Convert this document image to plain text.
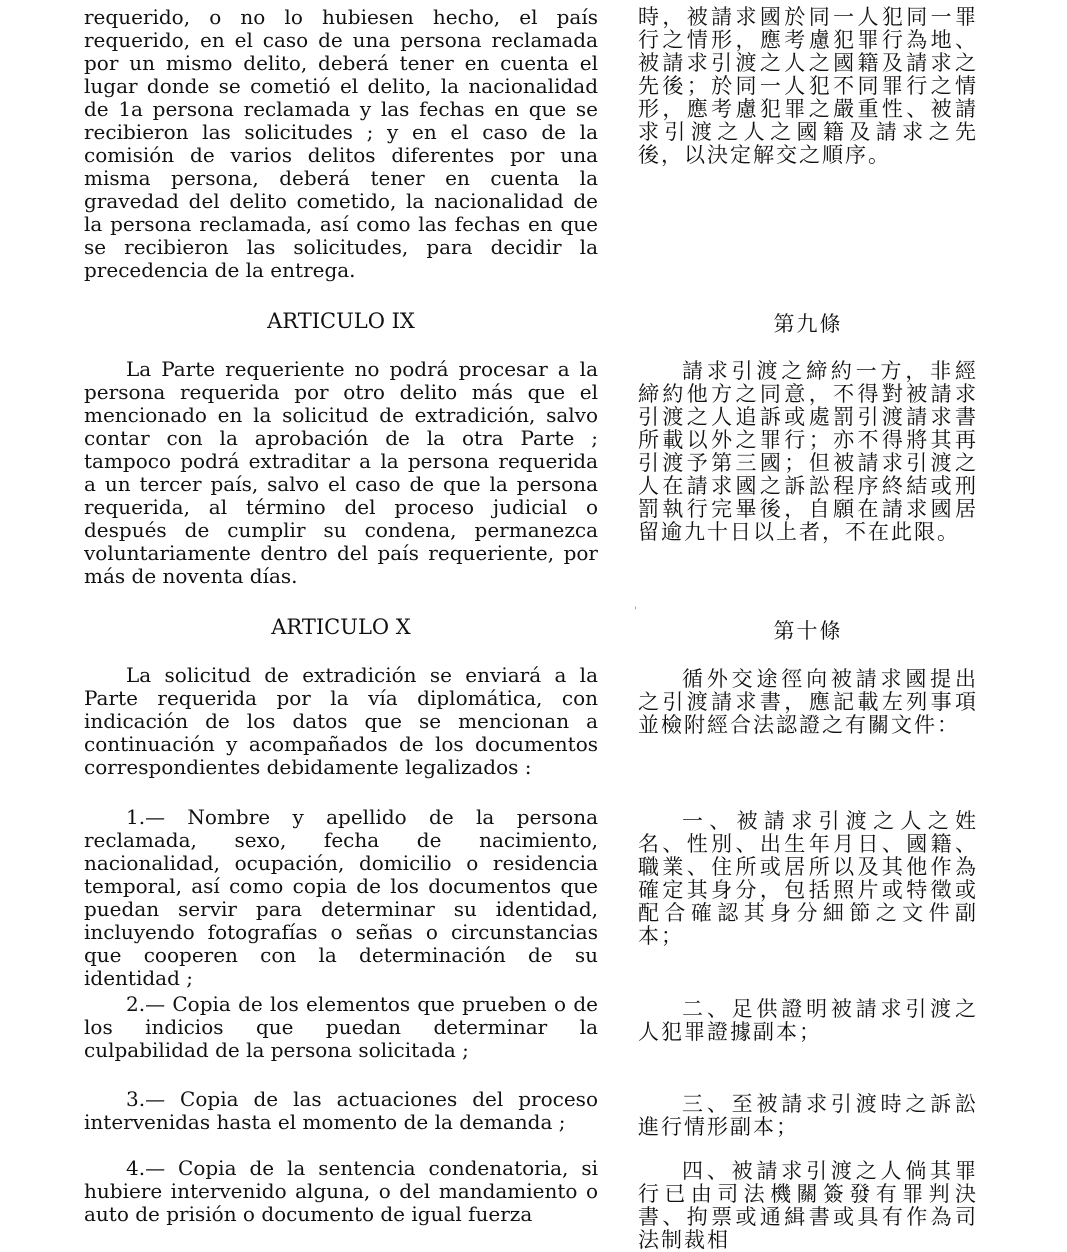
requerido, o no lo hubiesen hecho, el país requerido, en el caso de una persona reclamada por un mismo delito, deberá tener en cuenta el lugar donde se cometió el delito, la nacionalidad de 1a persona reclamada y las fechas en que se recibieron las solicitudes ; y en el caso de la comisión de varios delitos diferentes por una misma persona, deberá tener en cuenta la gravedad del delito cometido, la nacionalidad de la persona reclamada, así como las fechas en que se recibieron las solicitudes, para decidir la precedencia de la entrega.
ARTICULO IX
La Parte requeriente no podrá procesar a la persona requerida por otro delito más que el mencionado en la solicitud de extradición, salvo contar con la aprobación de la otra Parte ; tampoco podrá extraditar a la persona requerida a un tercer país, salvo el caso de que la persona requerida, al término del proceso judicial o después de cumplir su condena, permanezca voluntariamente dentro del país requeriente, por más de noventa días.
ARTICULO X
La solicitud de extradición se enviará a la Parte requerida por la vía diplomática, con indicación de los datos que se mencionan a continuación y acompañados de los documentos correspondientes debidamente legalizados :
1.— Nombre y apellido de la persona reclamada, sexo, fecha de nacimiento, nacionalidad, ocupación, domicilio o residencia temporal, así como copia de los documentos que puedan servir para determinar su identidad, incluyendo fotografías o señas o circunstancias que cooperen con la determinación de su identidad ;
2.— Copia de los elementos que prueben o de los indicios que puedan determinar la culpabilidad de la persona solicitada ;
3.— Copia de las actuaciones del proceso intervenidas hasta el momento de la demanda ;
4.— Copia de la sentencia condenatoria, si hubiere intervenido alguna, o del mandamiento o auto de prisión o documento de igual fuerza
時，被請求國於同一人犯同一罪行之情形，應考慮犯罪行為地、被請求引渡之人之國籍及請求之先後；於同一人犯不同罪行之情形，應考慮犯罪之嚴重性、被請求引渡之人之國籍及請求之先後，以決定解交之順序。
第九條
請求引渡之締約一方，非經締約他方之同意，不得對被請求引渡之人追訴或處罰引渡請求書所載以外之罪行；亦不得將其再引渡予第三國；但被請求引渡之人在請求國之訴訟程序終結或刑罰執行完畢後，自願在請求國居留逾九十日以上者，不在此限。
第十條
循外交途徑向被請求國提出之引渡請求書，應記載左列事項並檢附經合法認證之有關文件：
一、被請求引渡之人之姓名、性別、出生年月日、國籍、職業、住所或居所以及其他作為確定其身分，包括照片或特徵或配合確認其身分細節之文件副本；
二、足供證明被請求引渡之人犯罪證據副本；
三、至被請求引渡時之訴訟進行情形副本；
四、被請求引渡之人倘其罪行已由司法機關簽發有罪判決書、拘票或通緝書或具有作為司法制裁相
'
